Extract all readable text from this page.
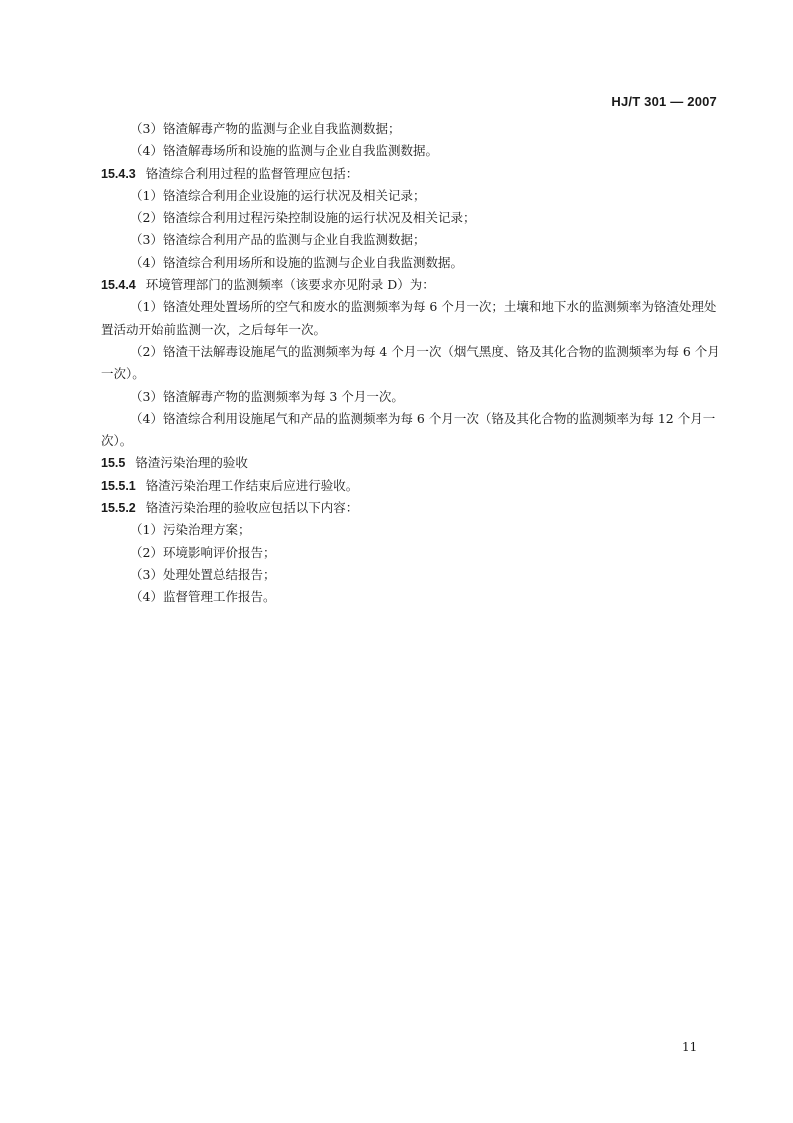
HJ/T 301 — 2007
（3）铬渣解毒产物的监测与企业自我监测数据；
（4）铬渣解毒场所和设施的监测与企业自我监测数据。
15.4.3 铬渣综合利用过程的监督管理应包括：
（1）铬渣综合利用企业设施的运行状况及相关记录；
（2）铬渣综合利用过程污染控制设施的运行状况及相关记录；
（3）铬渣综合利用产品的监测与企业自我监测数据；
（4）铬渣综合利用场所和设施的监测与企业自我监测数据。
15.4.4 环境管理部门的监测频率（该要求亦见附录 D）为：
（1）铬渣处理处置场所的空气和废水的监测频率为每 6 个月一次；土壤和地下水的监测频率为铬渣处理处置活动开始前监测一次，之后每年一次。
（2）铬渣干法解毒设施尾气的监测频率为每 4 个月一次（烟气黑度、铬及其化合物的监测频率为每 6 个月一次）。
（3）铬渣解毒产物的监测频率为每 3 个月一次。
（4）铬渣综合利用设施尾气和产品的监测频率为每 6 个月一次（铬及其化合物的监测频率为每 12 个月一次）。
15.5 铬渣污染治理的验收
15.5.1 铬渣污染治理工作结束后应进行验收。
15.5.2 铬渣污染治理的验收应包括以下内容：
（1）污染治理方案；
（2）环境影响评价报告；
（3）处理处置总结报告；
（4）监督管理工作报告。
11
